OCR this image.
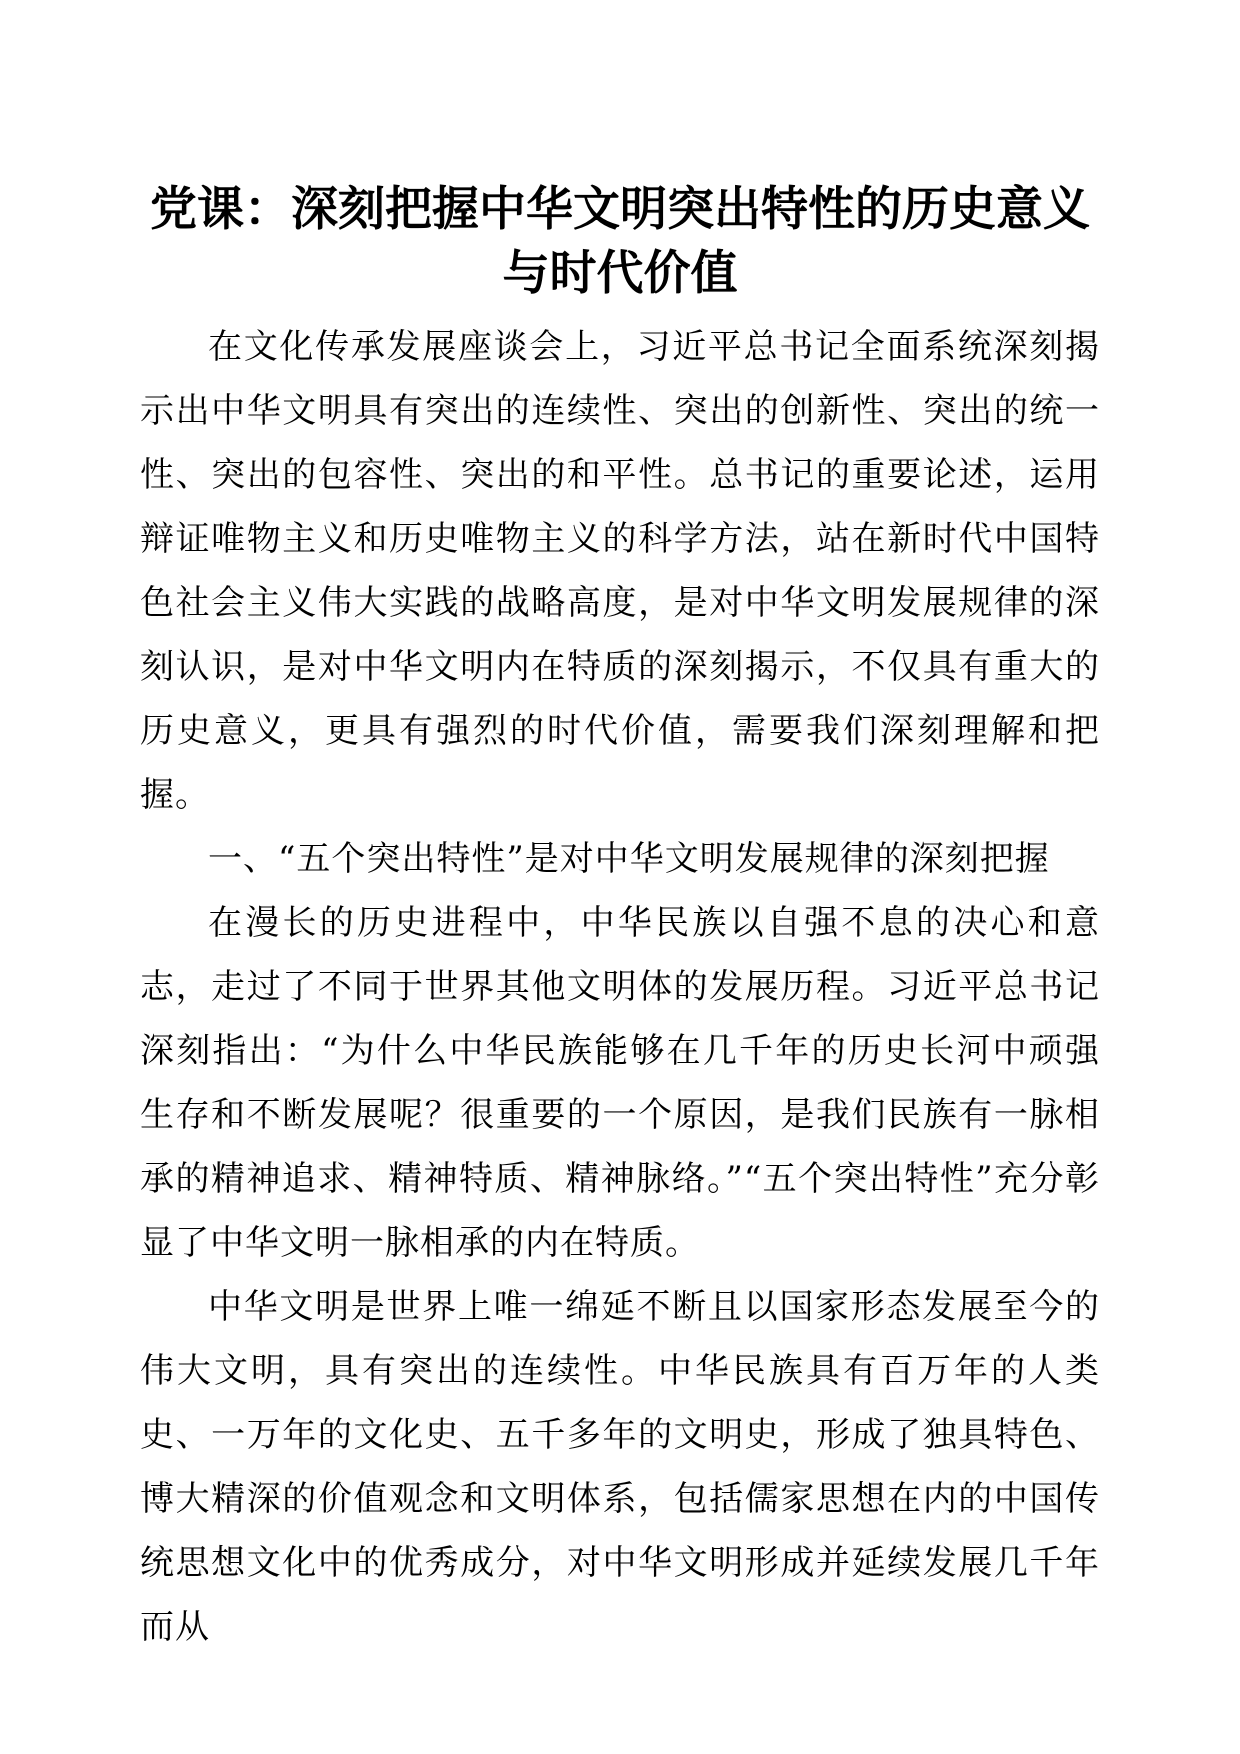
党课：深刻把握中华文明突出特性的历史意义与时代价值

在文化传承发展座谈会上，习近平总书记全面系统深刻揭示出中华文明具有突出的连续性、突出的创新性、突出的统一性、突出的包容性、突出的和平性。总书记的重要论述，运用辩证唯物主义和历史唯物主义的科学方法，站在新时代中国特色社会主义伟大实践的战略高度，是对中华文明发展规律的深刻认识，是对中华文明内在特质的深刻揭示，不仅具有重大的历史意义，更具有强烈的时代价值，需要我们深刻理解和把握。

一、“五个突出特性”是对中华文明发展规律的深刻把握

在漫长的历史进程中，中华民族以自强不息的决心和意志，走过了不同于世界其他文明体的发展历程。习近平总书记深刻指出：“为什么中华民族能够在几千年的历史长河中顽强生存和不断发展呢？很重要的一个原因，是我们民族有一脉相承的精神追求、精神特质、精神脉络。”“五个突出特性”充分彰显了中华文明一脉相承的内在特质。

中华文明是世界上唯一绵延不断且以国家形态发展至今的伟大文明，具有突出的连续性。中华民族具有百万年的人类史、一万年的文化史、五千多年的文明史，形成了独具特色、博大精深的价值观念和文明体系，包括儒家思想在内的中国传统思想文化中的优秀成分，对中华文明形成并延续发展几千年而从
